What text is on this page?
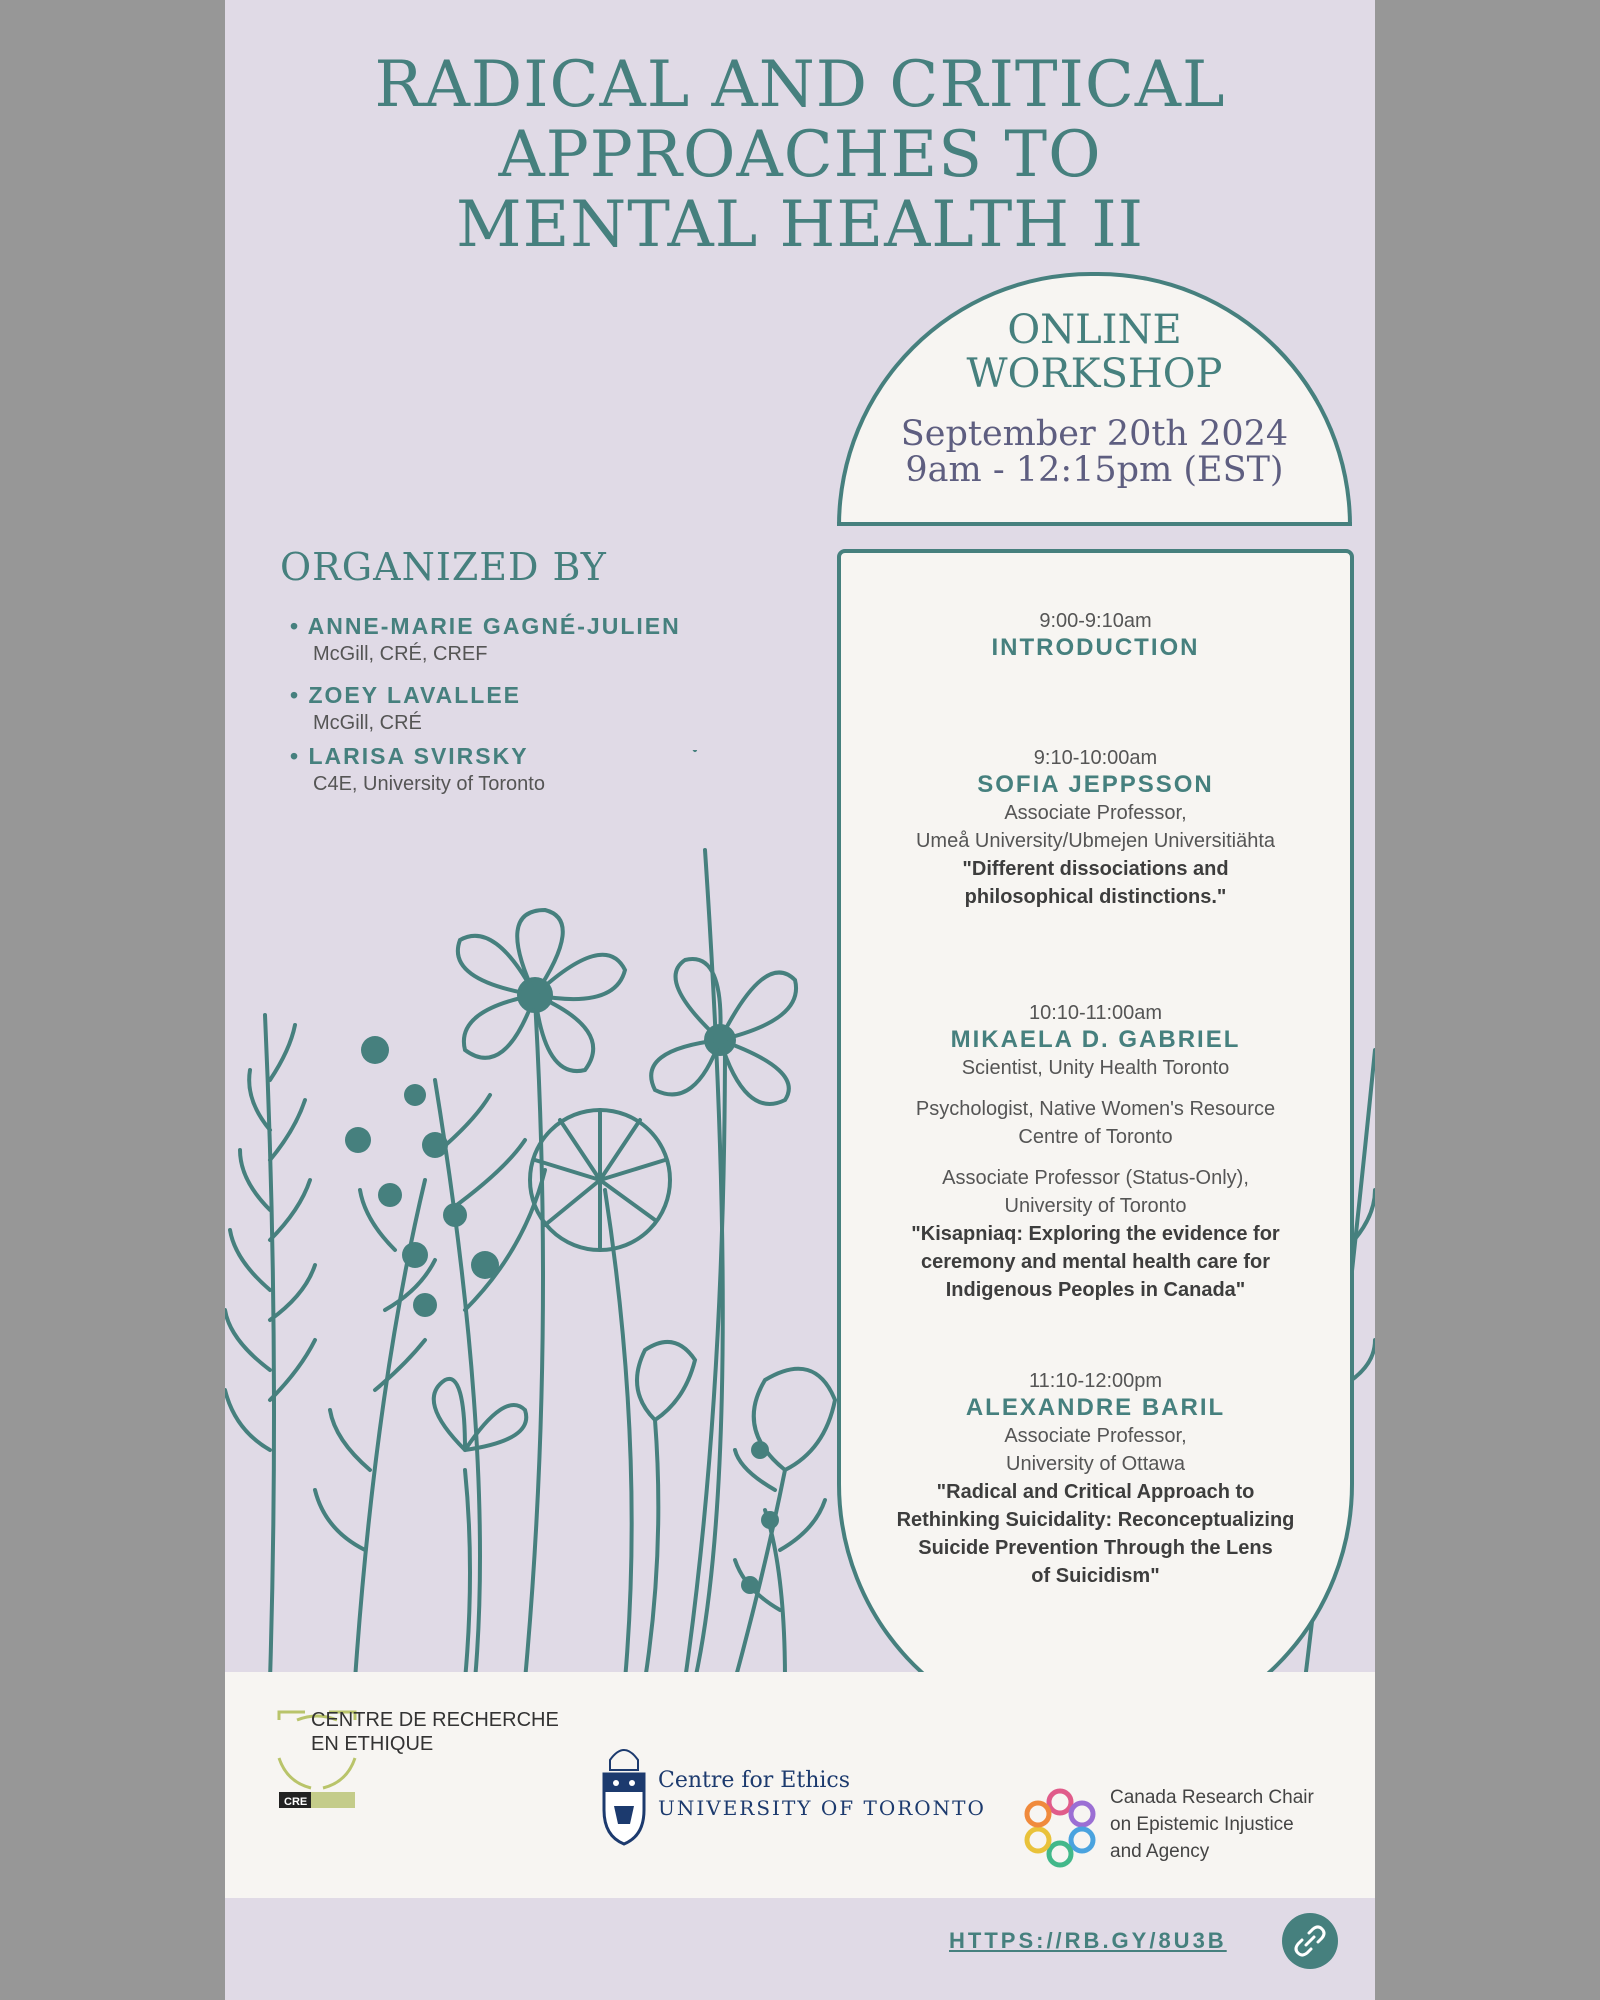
RADICAL AND CRITICAL
APPROACHES TO
MENTAL HEALTH II
ONLINE
WORKSHOP
September 20th 2024
9am - 12:15pm (EST)
9:00-9:10am
INTRODUCTION
9:10-10:00am
SOFIA JEPPSSON
Associate Professor,
Umeå University/Ubmejen Universitiähta
"Different dissociations and
philosophical distinctions."
10:10-11:00am
MIKAELA D. GABRIEL
Scientist, Unity Health Toronto
Psychologist, Native Women's Resource
Centre of Toronto
Associate Professor (Status-Only),
University of Toronto
"Kisapniaq: Exploring the evidence for
ceremony and mental health care for
Indigenous Peoples in Canada"
11:10-12:00pm
ALEXANDRE BARIL
Associate Professor,
University of Ottawa
"Radical and Critical Approach to
Rethinking Suicidality: Reconceptualizing
Suicide Prevention Through the Lens
of Suicidism"
ORGANIZED BY
• ANNE-MARIE GAGNÉ-JULIEN
McGill, CRÉ, CREF
• ZOEY LAVALLEE
McGill, CRÉ
• LARISA SVIRSKY
C4E, University of Toronto
CRE
CENTRE DE RECHERCHE
EN ETHIQUE
Centre for Ethics
UNIVERSITY OF TORONTO	Canada Research Chair
on Epistemic Injustice
and Agency
HTTPS://RB.GY/8U3B
